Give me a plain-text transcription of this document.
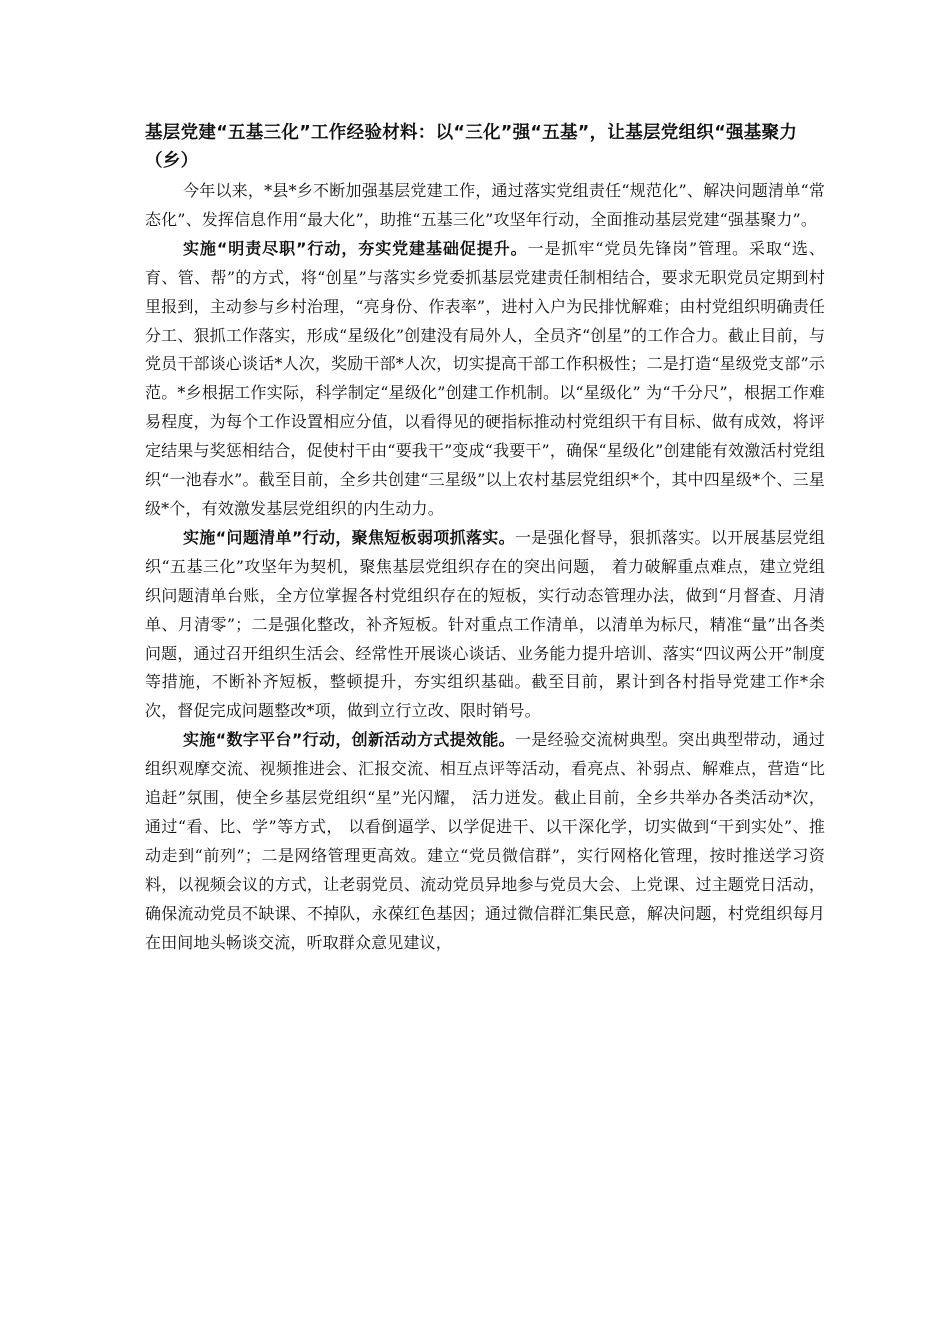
基层党建“五基三化”工作经验材料：以“三化”强“五基”，让基层党组织“强基聚力（乡）

今年以来，*县*乡不断加强基层党建工作，通过落实党组责任“规范化”、解决问题清单“常态化”、发挥信息作用“最大化”，助推“五基三化”攻坚年行动，全面推动基层党建“强基聚力”。

实施“明责尽职”行动，夯实党建基础促提升。一是抓牢“党员先锋岗”管理。采取“选、育、管、帮”的方式，将“创星”与落实乡党委抓基层党建责任制相结合，要求无职党员定期到村里报到，主动参与乡村治理，“亮身份、作表率”，进村入户为民排忧解难；由村党组织明确责任分工、狠抓工作落实，形成“星级化”创建没有局外人，全员齐“创星”的工作合力。截止目前，与党员干部谈心谈话*人次，奖励干部*人次，切实提高干部工作积极性；二是打造“星级党支部”示范。*乡根据工作实际，科学制定“星级化”创建工作机制。以“星级化” 为“千分尺”，根据工作难易程度，为每个工作设置相应分值，以看得见的硬指标推动村党组织干有目标、做有成效，将评定结果与奖惩相结合，促使村干由“要我干”变成“我要干”，确保“星级化”创建能有效激活村党组织“一池春水”。截至目前，全乡共创建“三星级”以上农村基层党组织*个，其中四星级*个、三星级*个，有效激发基层党组织的内生动力。

实施“问题清单”行动，聚焦短板弱项抓落实。一是强化督导，狠抓落实。以开展基层党组织“五基三化”攻坚年为契机，聚焦基层党组织存在的突出问题， 着力破解重点难点，建立党组织问题清单台账，全方位掌握各村党组织存在的短板，实行动态管理办法，做到“月督查、月清单、月清零”；二是强化整改，补齐短板。针对重点工作清单，以清单为标尺，精准“量”出各类问题，通过召开组织生活会、经常性开展谈心谈话、业务能力提升培训、落实“四议两公开”制度等措施，不断补齐短板，整顿提升，夯实组织基础。截至目前，累计到各村指导党建工作*余次，督促完成问题整改*项，做到立行立改、限时销号。

实施“数字平台”行动，创新活动方式提效能。一是经验交流树典型。突出典型带动，通过组织观摩交流、视频推进会、汇报交流、相互点评等活动，看亮点、补弱点、解难点，营造“比追赶”氛围，使全乡基层党组织“星”光闪耀， 活力迸发。截止目前，全乡共举办各类活动*次，通过“看、比、学”等方式， 以看倒逼学、以学促进干、以干深化学，切实做到“干到实处”、推动走到“前列”；二是网络管理更高效。建立“党员微信群”，实行网格化管理，按时推送学习资料，以视频会议的方式，让老弱党员、流动党员异地参与党员大会、上党课、过主题党日活动，确保流动党员不缺课、不掉队，永葆红色基因；通过微信群汇集民意，解决问题，村党组织每月在田间地头畅谈交流，听取群众意见建议，
